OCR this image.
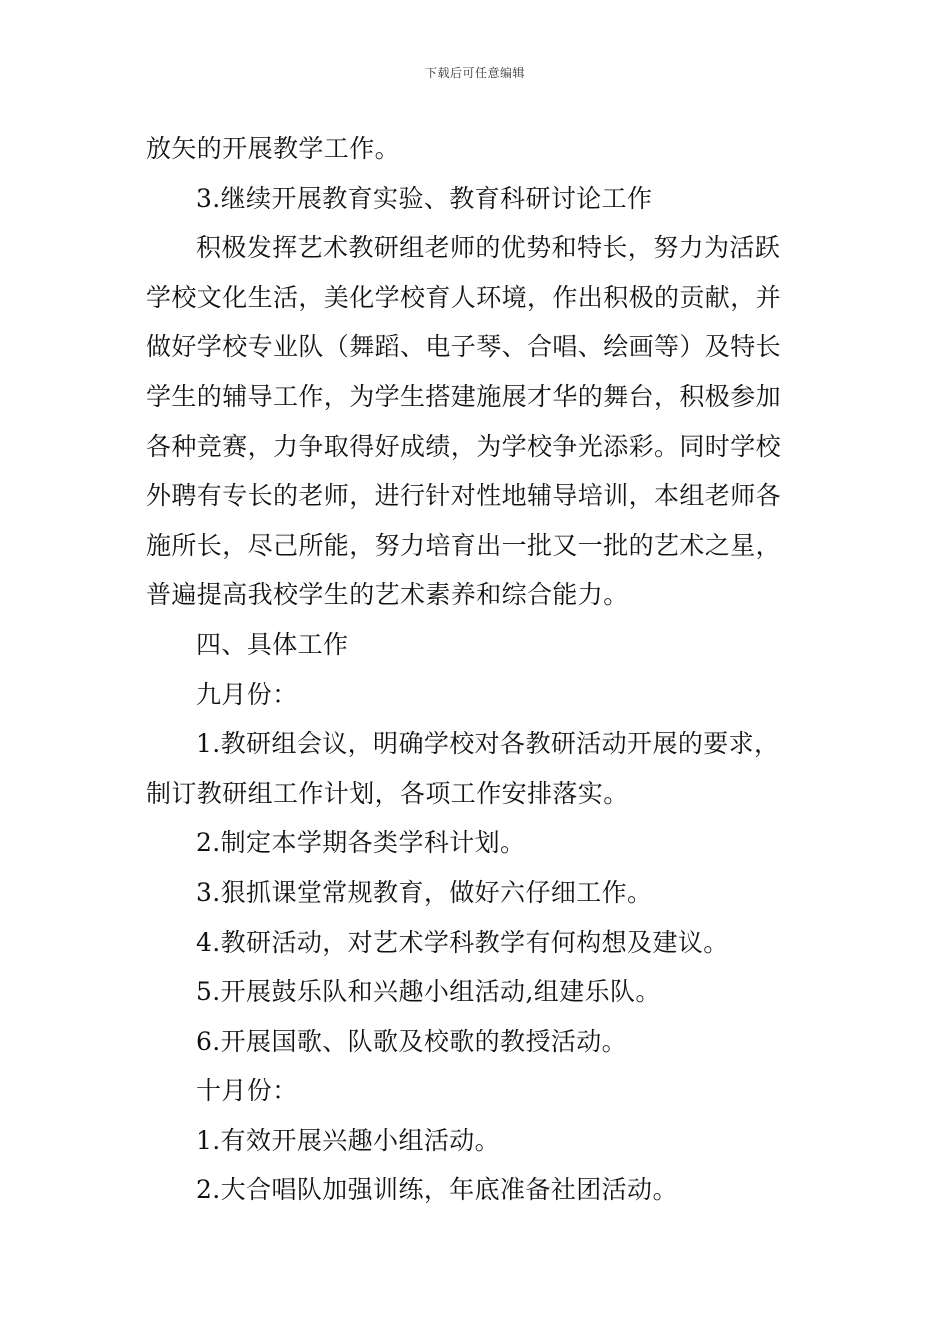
下载后可任意编辑
放矢的开展教学工作。
3.继续开展教育实验、教育科研讨论工作
积极发挥艺术教研组老师的优势和特长，努力为活跃
学校文化生活，美化学校育人环境，作出积极的贡献，并
做好学校专业队（舞蹈、电子琴、合唱、绘画等）及特长
学生的辅导工作，为学生搭建施展才华的舞台，积极参加
各种竞赛，力争取得好成绩，为学校争光添彩。同时学校
外聘有专长的老师，进行针对性地辅导培训，本组老师各
施所长，尽己所能，努力培育出一批又一批的艺术之星，
普遍提高我校学生的艺术素养和综合能力。
四、具体工作
九月份：
1.教研组会议，明确学校对各教研活动开展的要求，
制订教研组工作计划，各项工作安排落实。
2.制定本学期各类学科计划。
3.狠抓课堂常规教育，做好六仔细工作。
4.教研活动，对艺术学科教学有何构想及建议。
5.开展鼓乐队和兴趣小组活动,组建乐队。
6.开展国歌、队歌及校歌的教授活动。
十月份：
1.有效开展兴趣小组活动。
2.大合唱队加强训练，年底准备社团活动。
